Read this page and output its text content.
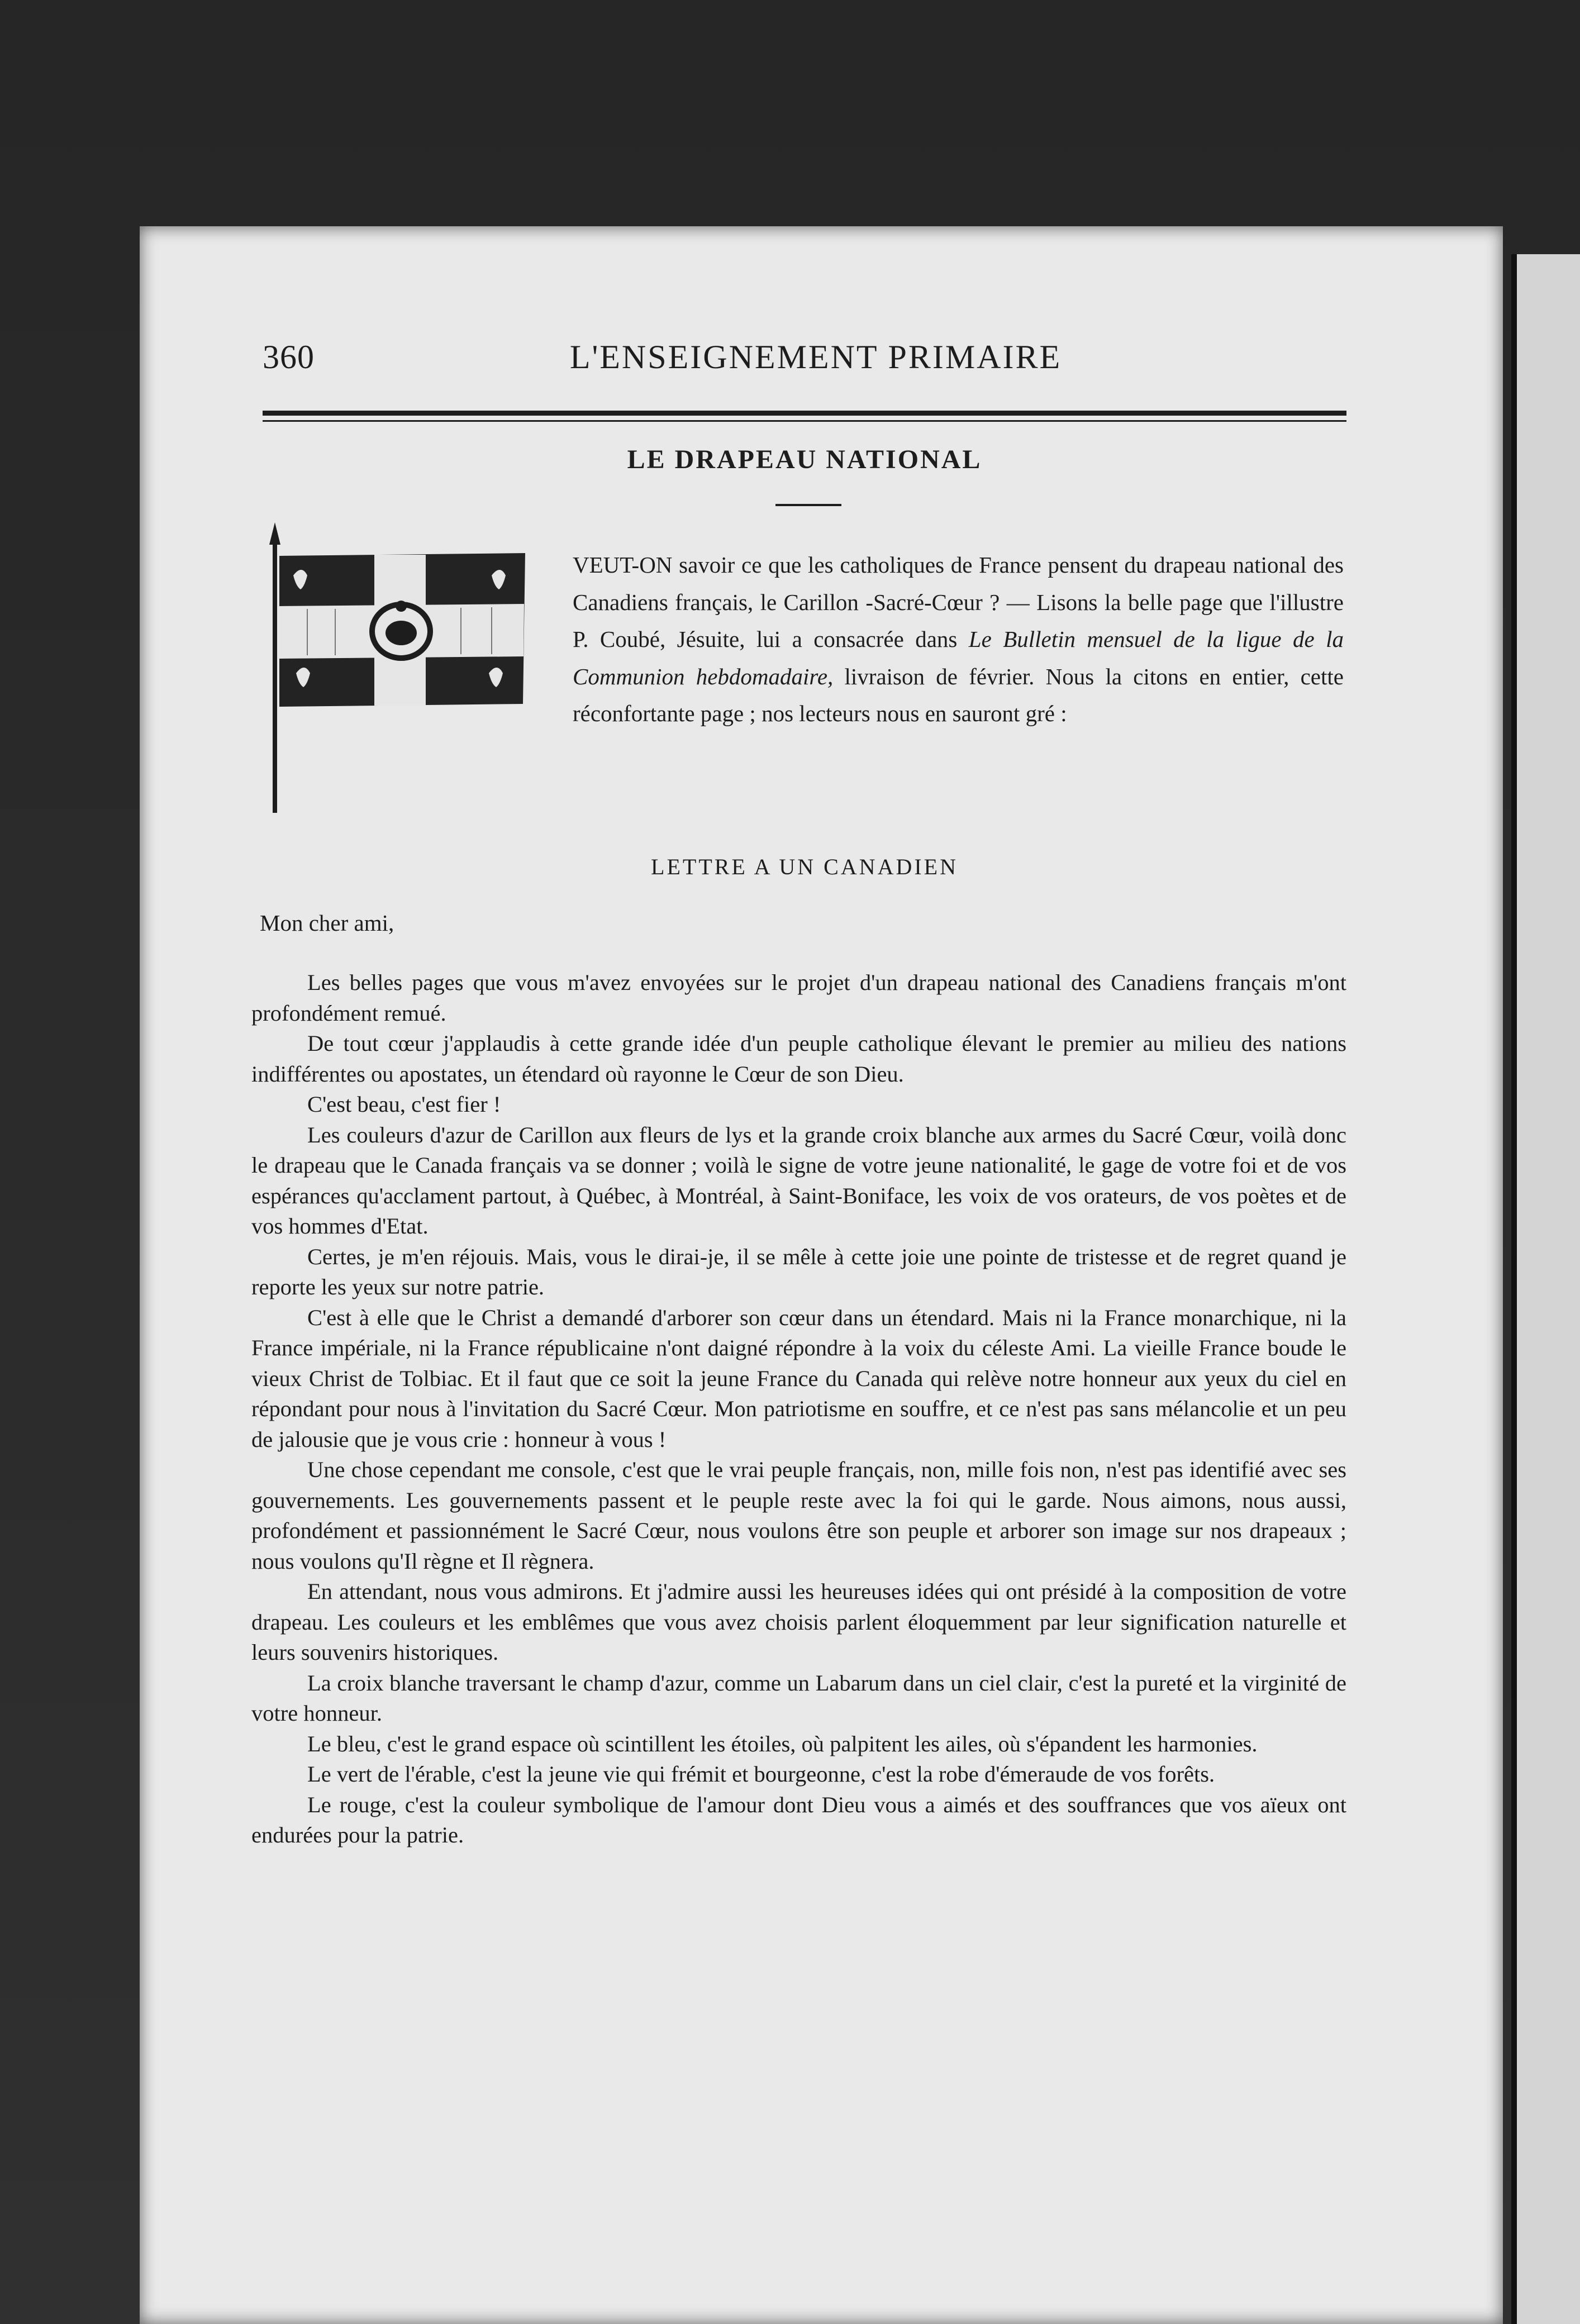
360	L'ENSEIGNEMENT PRIMAIRE
LE DRAPEAU NATIONAL

VEUT-ON savoir ce que les catholiques de France pensent du drapeau national des Canadiens français, le Carillon -Sacré-Cœur ? — Lisons la belle page que l'illustre P. Coubé, Jésuite, lui a consacrée dans Le Bulletin mensuel de la ligue de la Communion hebdomadaire, livraison de février. Nous la citons en entier, cette réconfortante page ; nos lecteurs nous en sauront gré :

LETTRE A UN CANADIEN
Mon cher ami,

Les belles pages que vous m'avez envoyées sur le projet d'un drapeau national des Canadiens français m'ont profondément remué.

De tout cœur j'applaudis à cette grande idée d'un peuple catholique élevant le premier au milieu des nations indifférentes ou apostates, un étendard où rayonne le Cœur de son Dieu.

C'est beau, c'est fier !

Les couleurs d'azur de Carillon aux fleurs de lys et la grande croix blanche aux armes du Sacré Cœur, voilà donc le drapeau que le Canada français va se donner ; voilà le signe de votre jeune nationalité, le gage de votre foi et de vos espérances qu'acclament partout, à Québec, à Montréal, à Saint-Boniface, les voix de vos orateurs, de vos poètes et de vos hommes d'Etat.

Certes, je m'en réjouis. Mais, vous le dirai-je, il se mêle à cette joie une pointe de tristesse et de regret quand je reporte les yeux sur notre patrie.

C'est à elle que le Christ a demandé d'arborer son cœur dans un étendard. Mais ni la France monarchique, ni la France impériale, ni la France républicaine n'ont daigné répondre à la voix du céleste Ami. La vieille France boude le vieux Christ de Tolbiac. Et il faut que ce soit la jeune France du Canada qui relève notre honneur aux yeux du ciel en répondant pour nous à l'invitation du Sacré Cœur. Mon patriotisme en souffre, et ce n'est pas sans mélancolie et un peu de jalousie que je vous crie : honneur à vous !

Une chose cependant me console, c'est que le vrai peuple français, non, mille fois non, n'est pas identifié avec ses gouvernements. Les gouvernements passent et le peuple reste avec la foi qui le garde. Nous aimons, nous aussi, profondément et passionnément le Sacré Cœur, nous voulons être son peuple et arborer son image sur nos drapeaux ; nous voulons qu'Il règne et Il règnera.

En attendant, nous vous admirons. Et j'admire aussi les heureuses idées qui ont présidé à la composition de votre drapeau. Les couleurs et les emblêmes que vous avez choisis parlent éloquemment par leur signification naturelle et leurs souvenirs historiques.

La croix blanche traversant le champ d'azur, comme un Labarum dans un ciel clair, c'est la pureté et la virginité de votre honneur.

Le bleu, c'est le grand espace où scintillent les étoiles, où palpitent les ailes, où s'épandent les harmonies.

Le vert de l'érable, c'est la jeune vie qui frémit et bourgeonne, c'est la robe d'émeraude de vos forêts.

Le rouge, c'est la couleur symbolique de l'amour dont Dieu vous a aimés et des souffrances que vos aïeux ont endurées pour la patrie.
